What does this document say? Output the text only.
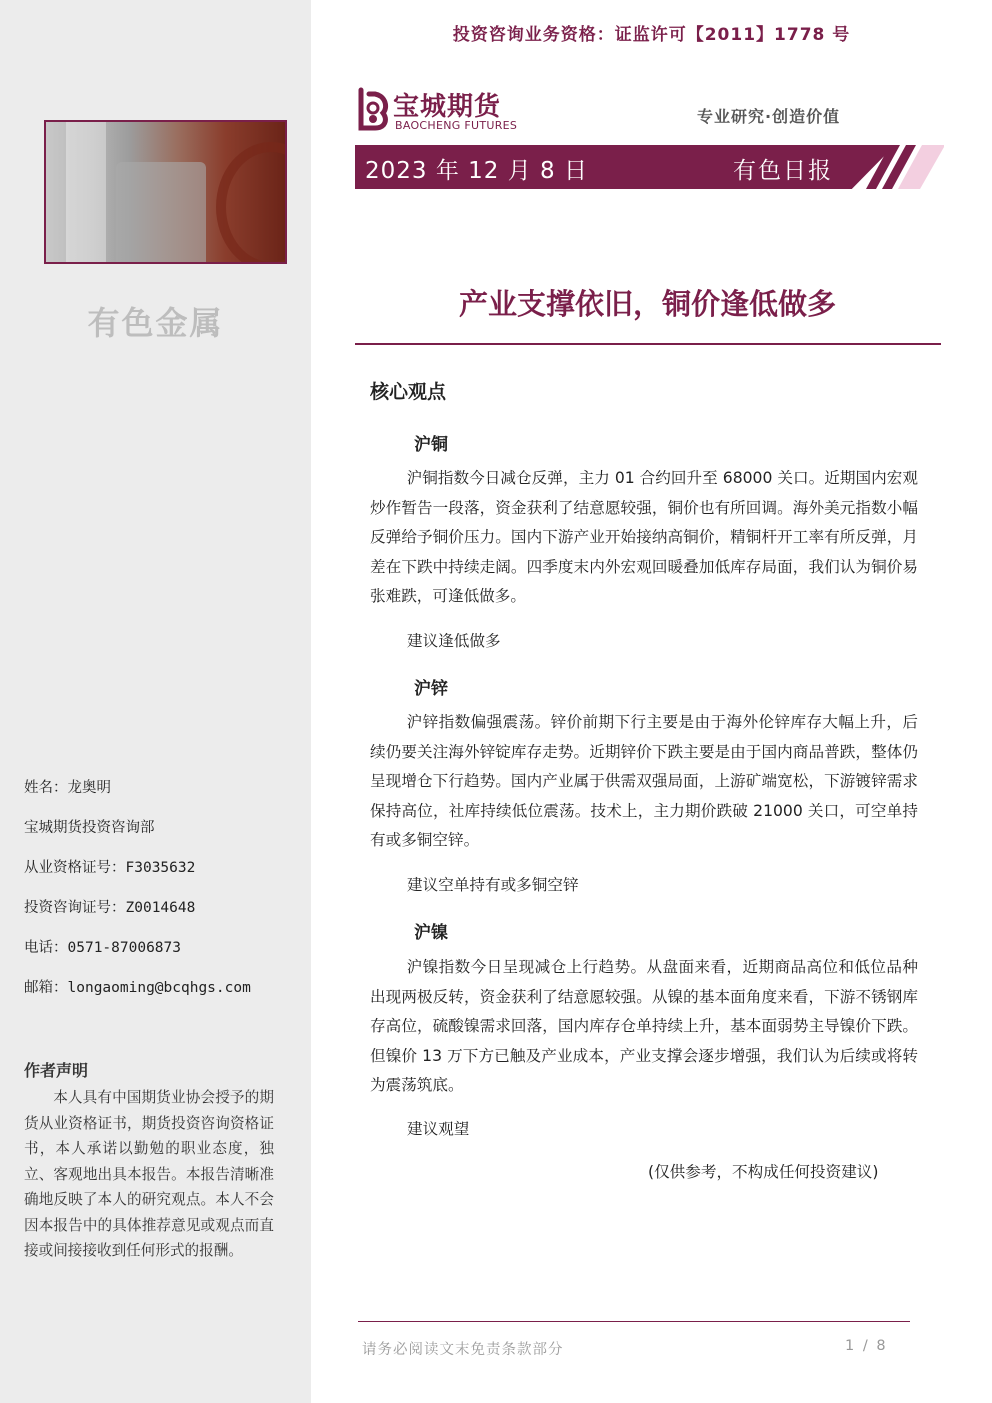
有色金属
姓名：龙奥明
宝城期货投资咨询部
从业资格证号：F3035632
投资咨询证号：Z0014648
电话：0571-87006873
邮箱：longaoming@bcqhgs.com
作者声明
本人具有中国期货业协会授予的期货从业资格证书，期货投资咨询资格证书，本人承诺以勤勉的职业态度，独立、客观地出具本报告。本报告清晰准确地反映了本人的研究观点。本人不会因本报告中的具体推荐意见或观点而直接或间接接收到任何形式的报酬。
投资咨询业务资格：证监许可【2011】1778 号
宝城期货
BAOCHENG FUTURES	专业研究·创造价值
2023 年 12 月 8 日	有色日报
产业支撑依旧，铜价逢低做多
核心观点
沪铜
沪铜指数今日减仓反弹，主力 01 合约回升至 68000 关口。近期国内宏观炒作暂告一段落，资金获利了结意愿较强，铜价也有所回调。海外美元指数小幅反弹给予铜价压力。国内下游产业开始接纳高铜价，精铜杆开工率有所反弹，月差在下跌中持续走阔。四季度末内外宏观回暖叠加低库存局面，我们认为铜价易张难跌，可逢低做多。
建议逢低做多
沪锌
沪锌指数偏强震荡。锌价前期下行主要是由于海外伦锌库存大幅上升，后续仍要关注海外锌锭库存走势。近期锌价下跌主要是由于国内商品普跌，整体仍呈现增仓下行趋势。国内产业属于供需双强局面，上游矿端宽松，下游镀锌需求保持高位，社库持续低位震荡。技术上，主力期价跌破 21000 关口，可空单持有或多铜空锌。
建议空单持有或多铜空锌
沪镍
沪镍指数今日呈现减仓上行趋势。从盘面来看，近期商品高位和低位品种出现两极反转，资金获利了结意愿较强。从镍的基本面角度来看，下游不锈钢库存高位，硫酸镍需求回落，国内库存仓单持续上升，基本面弱势主导镍价下跌。但镍价 13 万下方已触及产业成本，产业支撑会逐步增强，我们认为后续或将转为震荡筑底。
建议观望
(仅供参考，不构成任何投资建议)
请务必阅读文末免责条款部分	1 / 8
